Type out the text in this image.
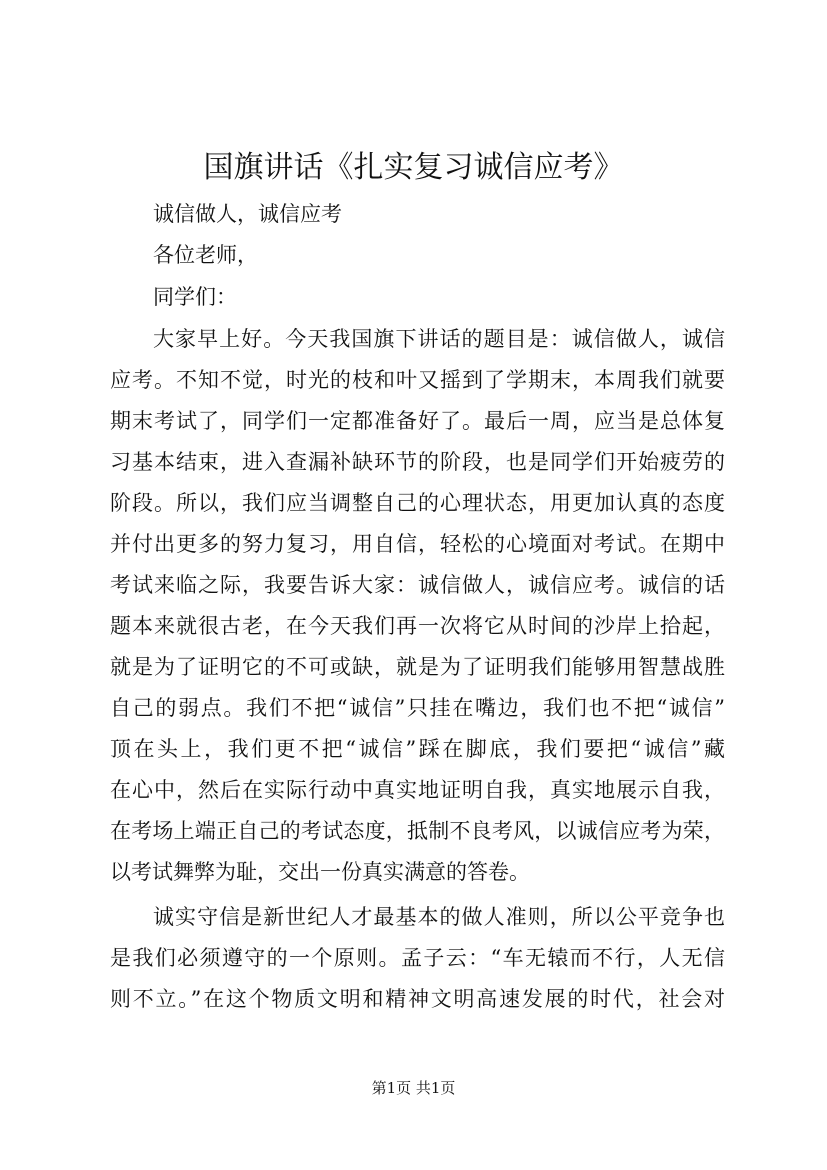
国旗讲话《扎实复习诚信应考》
诚信做人，诚信应考
各位老师，
同学们：
大家早上好。今天我国旗下讲话的题目是：诚信做人，诚信
应考。不知不觉，时光的枝和叶又摇到了学期末，本周我们就要
期末考试了，同学们一定都准备好了。最后一周，应当是总体复
习基本结束，进入查漏补缺环节的阶段，也是同学们开始疲劳的
阶段。所以，我们应当调整自己的心理状态，用更加认真的态度
并付出更多的努力复习，用自信，轻松的心境面对考试。在期中
考试来临之际，我要告诉大家：诚信做人，诚信应考。诚信的话
题本来就很古老，在今天我们再一次将它从时间的沙岸上拾起，
就是为了证明它的不可或缺，就是为了证明我们能够用智慧战胜
自己的弱点。我们不把“诚信”只挂在嘴边，我们也不把“诚信”
顶在头上，我们更不把“诚信”踩在脚底，我们要把“诚信”藏
在心中，然后在实际行动中真实地证明自我，真实地展示自我，
在考场上端正自己的考试态度，抵制不良考风，以诚信应考为荣，
以考试舞弊为耻，交出一份真实满意的答卷。
诚实守信是新世纪人才最基本的做人准则，所以公平竞争也
是我们必须遵守的一个原则。孟子云：“车无辕而不行，人无信
则不立。”在这个物质文明和精神文明高速发展的时代，社会对
第1页 共1页
